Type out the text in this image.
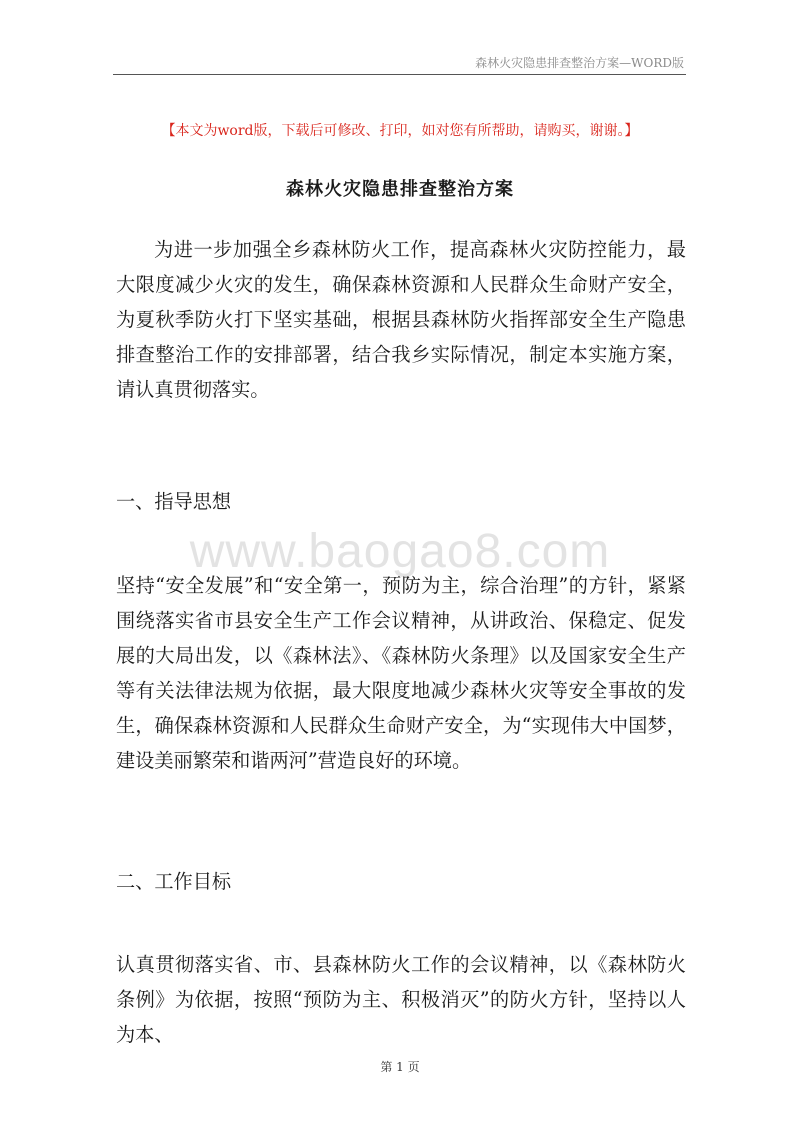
森林火灾隐患排查整治方案—WORD版
【本文为word版，下载后可修改、打印，如对您有所帮助，请购买，谢谢。】
森林火灾隐患排查整治方案

为进一步加强全乡森林防火工作，提高森林火灾防控能力，最大限度减少火灾的发生，确保森林资源和人民群众生命财产安全，为夏秋季防火打下坚实基础，根据县森林防火指挥部安全生产隐患排查整治工作的安排部署，结合我乡实际情况，制定本实施方案，请认真贯彻落实。

一、指导思想

www.baogao8.com

坚持“安全发展”和“安全第一，预防为主，综合治理”的方针，紧紧围绕落实省市县安全生产工作会议精神，从讲政治、保稳定、促发展的大局出发，以《森林法》、《森林防火条理》以及国家安全生产等有关法律法规为依据，最大限度地减少森林火灾等安全事故的发生，确保森林资源和人民群众生命财产安全，为“实现伟大中国梦，建设美丽繁荣和谐两河”营造良好的环境。

二、工作目标

认真贯彻落实省、市、县森林防火工作的会议精神，以《森林防火条例》为依据，按照“预防为主、积极消灭”的防火方针，坚持以人为本、

第 1 页
